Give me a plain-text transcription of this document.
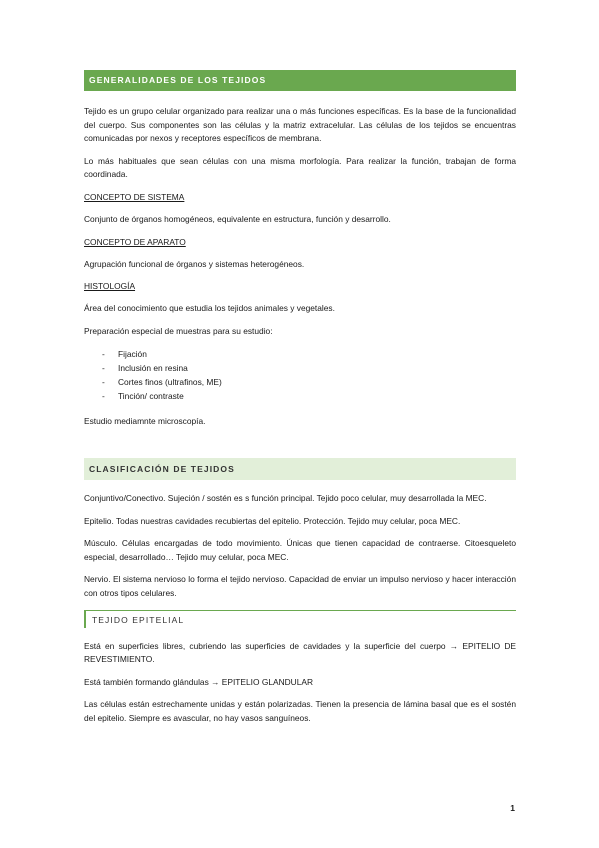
GENERALIDADES DE LOS TEJIDOS

Tejido es un grupo celular organizado para realizar una o más funciones específicas. Es la base de la funcionalidad del cuerpo. Sus componentes son las células y la matriz extracelular. Las células de los tejidos se encuentras comunicadas por nexos y receptores específicos de membrana.

Lo más habituales que sean células con una misma morfología. Para realizar la función, trabajan de forma coordinada.

CONCEPTO DE SISTEMA

Conjunto de órganos homogéneos, equivalente en estructura, función y desarrollo.

CONCEPTO DE APARATO

Agrupación funcional de órganos y sistemas heterogéneos.

HISTOLOGÍA

Área del conocimiento que estudia los tejidos animales y vegetales.

Preparación especial de muestras para su estudio:

- Fijación
- Inclusión en resina
- Cortes finos (ultrafinos, ME)
- Tinción/ contraste

Estudio mediamnte microscopía.

CLASIFICACIÓN DE TEJIDOS

Conjuntivo/Conectivo. Sujeción / sostén es s función principal. Tejido poco celular, muy desarrollada la MEC.

Epitelio. Todas nuestras cavidades recubiertas del epitelio. Protección. Tejido muy celular, poca MEC.

Músculo. Células encargadas de todo movimiento. Únicas que tienen capacidad de contraerse. Citoesqueleto especial, desarrollado… Tejido muy celular, poca MEC.

Nervio. El sistema nervioso lo forma el tejido nervioso. Capacidad de enviar un impulso nervioso y hacer interacción con otros tipos celulares.

TEJIDO EPITELIAL

Está en superficies libres, cubriendo las superficies de cavidades y la superficie del cuerpo → EPITELIO DE REVESTIMIENTO.

Está también formando glándulas → EPITELIO GLANDULAR

Las células están estrechamente unidas y están polarizadas. Tienen la presencia de lámina basal que es el sostén del epitelio. Siempre es avascular, no hay vasos sanguíneos.

1
